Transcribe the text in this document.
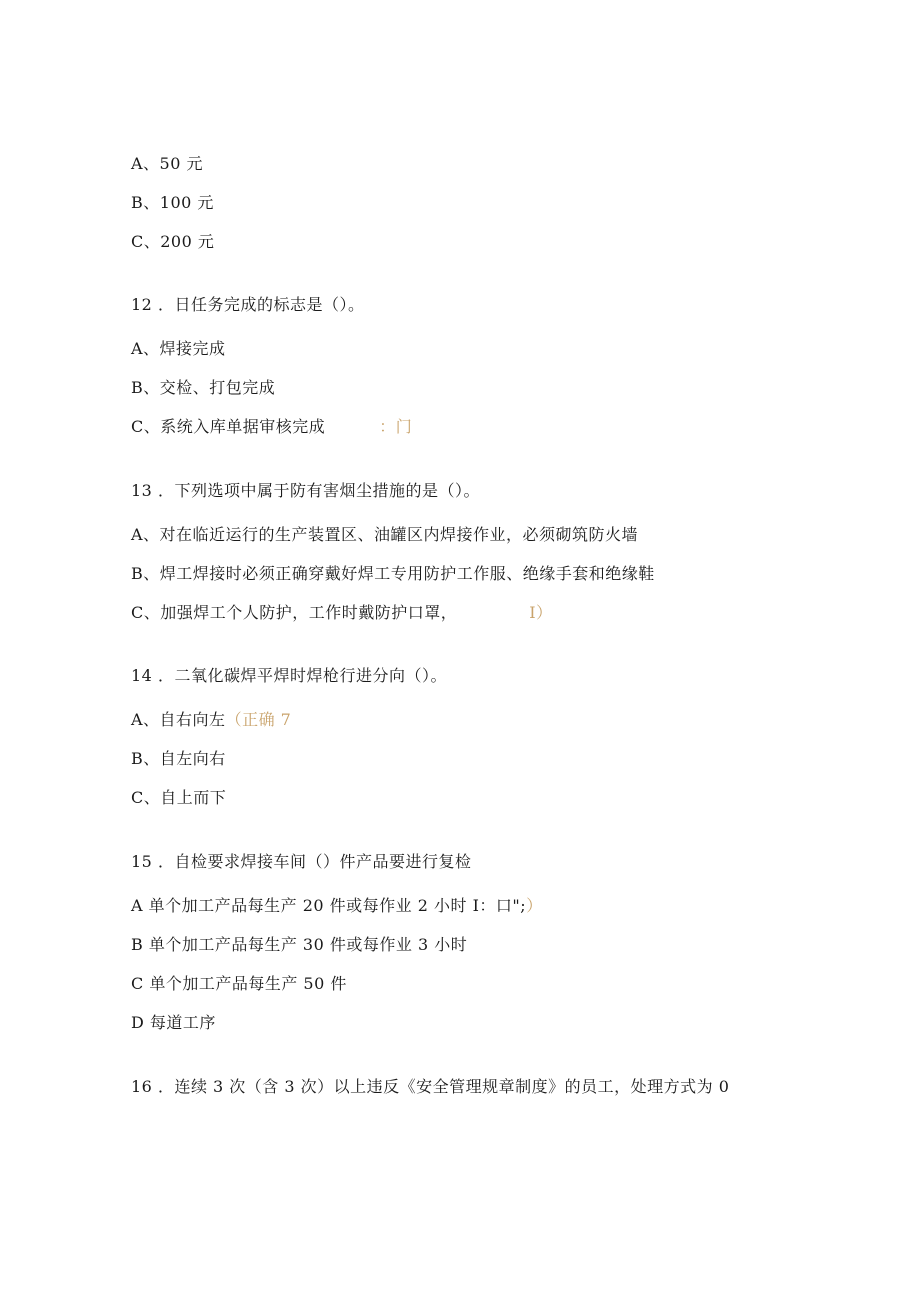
A、50 元
B、100 元
C、200 元
12 ．日任务完成的标志是（）。
A、焊接完成
B、交检、打包完成
C、系统入库单据审核完成	：门
13 ．下列选项中属于防有害烟尘措施的是（）。
A、对在临近运行的生产装置区、油罐区内焊接作业，必须砌筑防火墙
B、焊工焊接时必须正确穿戴好焊工专用防护工作服、绝缘手套和绝缘鞋
C、加强焊工个人防护，工作时戴防护口罩，	I）
14 ．二氧化碳焊平焊时焊枪行进分向（）。
A、自右向左（正确 7
B、自左向右
C、自上而下
15 ．自检要求焊接车间（）件产品要进行复检
A 单个加工产品每生产 20 件或每作业 2 小时 I：口";）
B 单个加工产品每生产 30 件或每作业 3 小时
C 单个加工产品每生产 50 件
D 每道工序
16 ．连续 3 次（含 3 次）以上违反《安全管理规章制度》的员工，处理方式为 0
